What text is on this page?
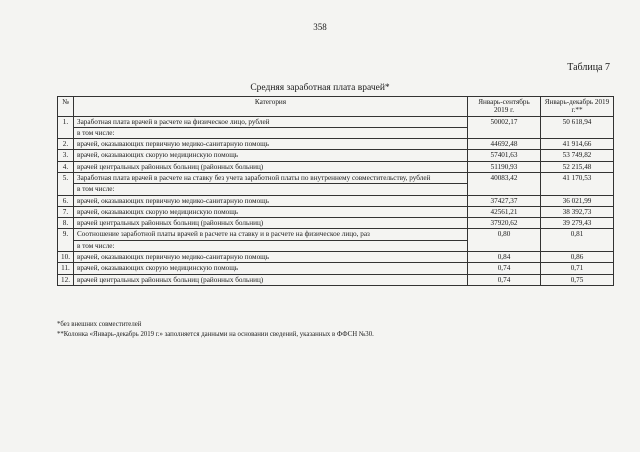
358
Таблица 7
Средняя заработная плата врачей*
№	Категория	Январь-сентябрь 2019 г.	Январь-декабрь 2019 г.**
1.	Заработная плата врачей в расчете на физическое лицо, рублей	50002,17	50 618,94
	в том числе:		
2.	врачей, оказывающих первичную медико-санитарную помощь	44692,48	41 914,66
3.	врачей, оказывающих скорую медицинскую помощь	57401,63	53 749,82
4.	врачей центральных районных больниц (районных больниц)	51190,93	52 215,48
5.	Заработная плата врачей в расчете на ставку без учета заработной платы по внутреннему совместительству, рублей	40083,42	41 170,53
	в том числе:		
6.	врачей, оказывающих первичную медико-санитарную помощь	37427,37	36 021,99
7.	врачей, оказывающих скорую медицинскую помощь	42561,21	38 392,73
8.	врачей центральных районных больниц (районных больниц)	37920,62	39 279,43
9.	Соотношение заработной платы врачей в расчете на ставку и в расчете на физическое лицо, раз	0,80	0,81
	в том числе:		
10.	врачей, оказывающих первичную медико-санитарную помощь	0,84	0,86
11.	врачей, оказывающих скорую медицинскую помощь	0,74	0,71
12.	врачей центральных районных больниц (районных больниц)	0,74	0,75
*без внешних совместителей
**Колонка «Январь-декабрь 2019 г.» заполняется данными на основании сведений, указанных в ФФСН №30.
